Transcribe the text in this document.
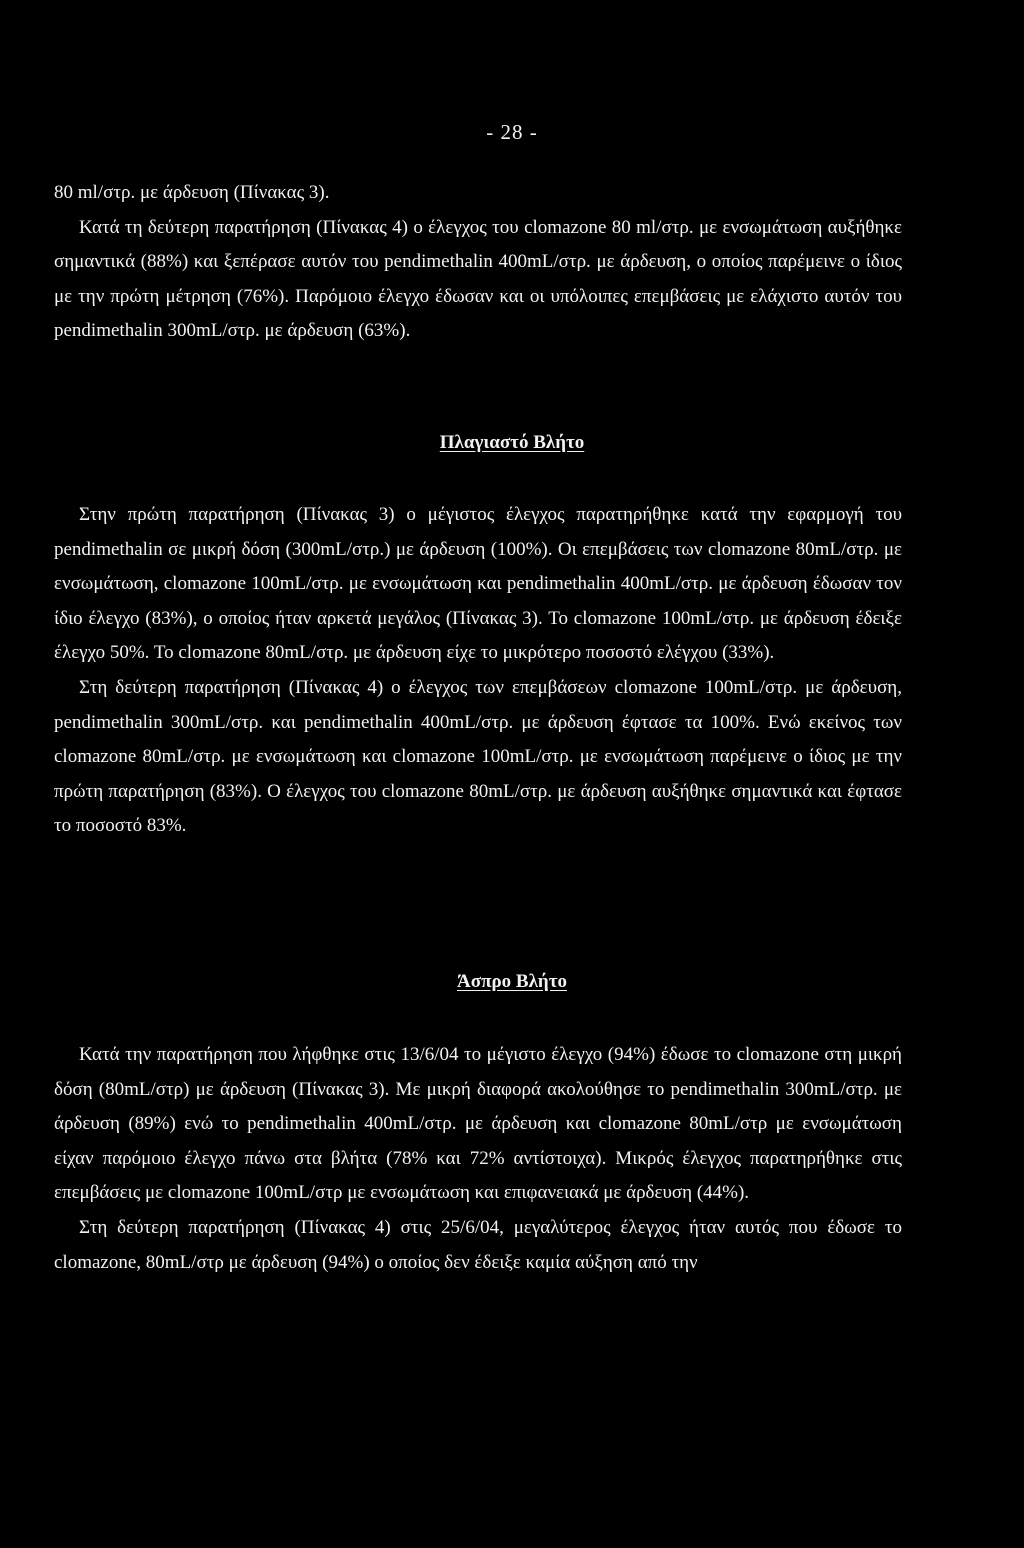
- 28 -

80 ml/στρ. με άρδευση (Πίνακας 3).

Κατά τη δεύτερη παρατήρηση (Πίνακας 4) ο έλεγχος του clomazone 80 ml/στρ. με ενσωμάτωση αυξήθηκε σημαντικά (88%) και ξεπέρασε αυτόν του pendimethalin 400mL/στρ. με άρδευση, ο οποίος παρέμεινε ο ίδιος με την πρώτη μέτρηση (76%). Παρόμοιο έλεγχο έδωσαν και οι υπόλοιπες επεμβάσεις με ελάχιστο αυτόν του pendimethalin 300mL/στρ. με άρδευση (63%).

Πλαγιαστό Βλήτο

Στην πρώτη παρατήρηση (Πίνακας 3) ο μέγιστος έλεγχος παρατηρήθηκε κατά την εφαρμογή του pendimethalin σε μικρή δόση (300mL/στρ.) με άρδευση (100%). Οι επεμβάσεις των clomazone 80mL/στρ. με ενσωμάτωση, clomazone 100mL/στρ. με ενσωμάτωση και pendimethalin 400mL/στρ. με άρδευση έδωσαν τον ίδιο έλεγχο (83%), ο οποίος ήταν αρκετά μεγάλος (Πίνακας 3). Το clomazone 100mL/στρ. με άρδευση έδειξε έλεγχο 50%. Το clomazone 80mL/στρ. με άρδευση είχε το μικρότερο ποσοστό ελέγχου (33%).

Στη δεύτερη παρατήρηση (Πίνακας 4) ο έλεγχος των επεμβάσεων clomazone 100mL/στρ. με άρδευση, pendimethalin 300mL/στρ. και pendimethalin 400mL/στρ. με άρδευση έφτασε τα 100%. Ενώ εκείνος των clomazone 80mL/στρ. με ενσωμάτωση και clomazone 100mL/στρ. με ενσωμάτωση παρέμεινε ο ίδιος με την πρώτη παρατήρηση (83%). Ο έλεγχος του clomazone 80mL/στρ. με άρδευση αυξήθηκε σημαντικά και έφτασε το ποσοστό 83%.

Άσπρο Βλήτο

Κατά την παρατήρηση που λήφθηκε στις 13/6/04 το μέγιστο έλεγχο (94%) έδωσε το clomazone στη μικρή δόση (80mL/στρ) με άρδευση (Πίνακας 3). Με μικρή διαφορά ακολούθησε το pendimethalin 300mL/στρ. με άρδευση (89%) ενώ το pendimethalin 400mL/στρ. με άρδευση και clomazone 80mL/στρ με ενσωμάτωση είχαν παρόμοιο έλεγχο πάνω στα βλήτα (78% και 72% αντίστοιχα). Μικρός έλεγχος παρατηρήθηκε στις επεμβάσεις με clomazone 100mL/στρ με ενσωμάτωση και επιφανειακά με άρδευση (44%).

Στη δεύτερη παρατήρηση (Πίνακας 4) στις 25/6/04, μεγαλύτερος έλεγχος ήταν αυτός που έδωσε το clomazone, 80mL/στρ με άρδευση (94%) ο οποίος δεν έδειξε καμία αύξηση από την
